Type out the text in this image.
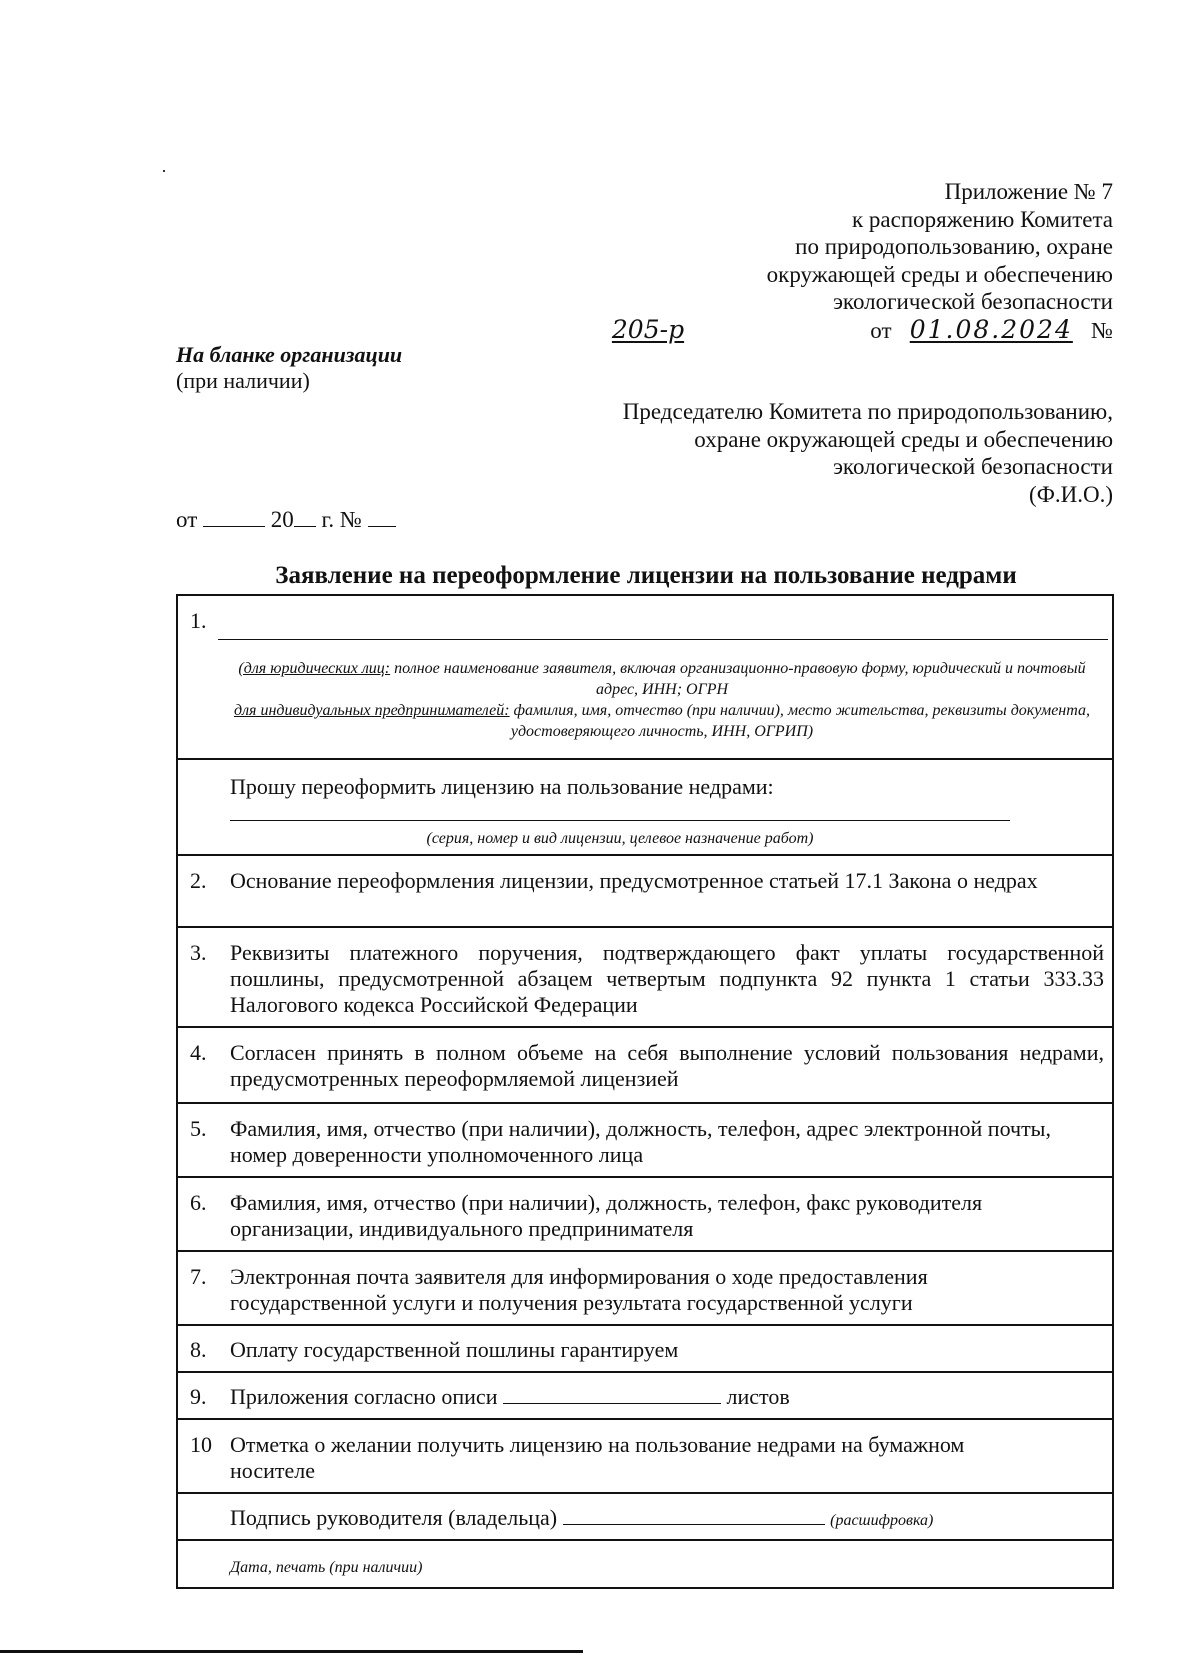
Приложение № 7
к распоряжению Комитета
по природопользованию, охране
окружающей среды и обеспечению
экологической безопасности
от 01.08.2024 №
205-р
На бланке организации
(при наличии)
Председателю Комитета по природопользованию,
охране окружающей среды и обеспечению
экологической безопасности
(Ф.И.О.)
от	20 г. №
Заявление на переоформление лицензии на пользование недрами
1.
(для юридических лиц: полное наименование заявителя, включая организационно-правовую форму, юридический и почтовый адрес, ИНН; ОГРН
для индивидуальных предпринимателей: фамилия, имя, отчество (при наличии), место жительства, реквизиты документа, удостоверяющего личность, ИНН, ОГРИП)
Прошу переоформить лицензию на пользование недрами:
(серия, номер и вид лицензии, целевое назначение работ)
2. Основание переоформления лицензии, предусмотренное статьей 17.1 Закона о недрах
3. Реквизиты платежного поручения, подтверждающего факт уплаты государственной пошлины, предусмотренной абзацем четвертым подпункта 92 пункта 1 статьи 333.33 Налогового кодекса Российской Федерации
4. Согласен принять в полном объеме на себя выполнение условий пользования недрами, предусмотренных переоформляемой лицензией
5. Фамилия, имя, отчество (при наличии), должность, телефон, адрес электронной почты, номер доверенности уполномоченного лица
6. Фамилия, имя, отчество (при наличии), должность, телефон, факс руководителя организации, индивидуального предпринимателя
7. Электронная почта заявителя для информирования о ходе предоставления государственной услуги и получения результата государственной услуги
8. Оплату государственной пошлины гарантируем
9. Приложения согласно описи	листов
10 Отметка о желании получить лицензию на пользование недрами на бумажном носителе
Подпись руководителя (владельца)	(расшифровка)
Дата, печать (при наличии)
